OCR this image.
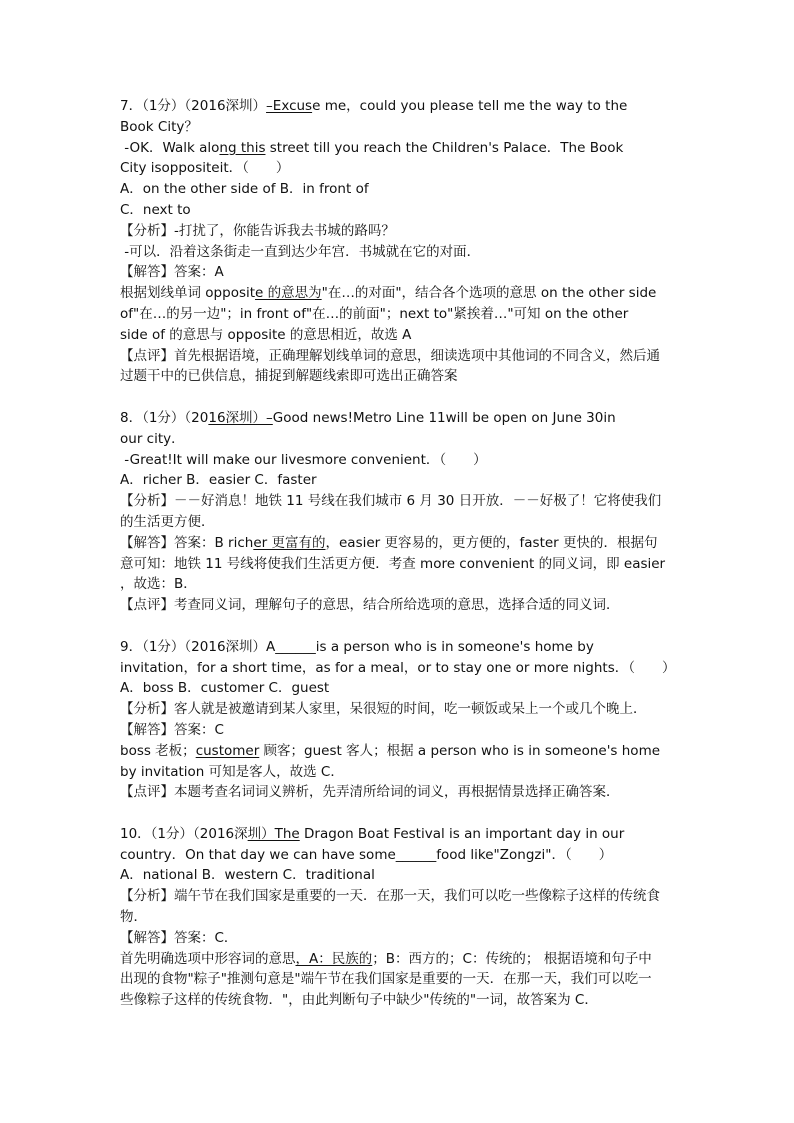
7．（1分）（2016深圳）–Excuse me，could you please tell me the way to the
Book City？
-OK．Walk along this street till you reach the Children's Palace．The Book
City isoppositeit．（　　）
A．on the other side of B．in front of
C．next to
【分析】-打扰了，你能告诉我去书城的路吗？
-可以．沿着这条街走一直到达少年宫．书城就在它的对面．
【解答】答案：A
根据划线单词 opposite 的意思为"在…的对面"，结合各个选项的意思 on the other side
of"在…的另一边"；in front of"在…的前面"；next to"紧挨着…"可知 on the other
side of 的意思与 opposite 的意思相近，故选 A
【点评】首先根据语境，正确理解划线单词的意思，细读选项中其他词的不同含义，然后通
过题干中的已供信息，捕捉到解题线索即可选出正确答案
8．（1分）（2016深圳）–Good news!Metro Line 11will be open on June 30in
our city．
-Great!It will make our livesmore convenient．（　　）
A．richer B．easier C．faster
【分析】－－好消息！地铁 11 号线在我们城市 6 月 30 日开放．－－好极了！它将使我们
的生活更方便．
【解答】答案：B richer 更富有的，easier 更容易的，更方便的，faster 更快的．根据句
意可知：地铁 11 号线将使我们生活更方便．考查 more convenient 的同义词，即 easier
，故选：B．
【点评】考查同义词，理解句子的意思，结合所给选项的意思，选择合适的同义词．
9．（1分）（2016深圳）A______is a person who is in someone's home by
invitation，for a short time，as for a meal，or to stay one or more nights．（　　）
A．boss B．customer C．guest
【分析】客人就是被邀请到某人家里，呆很短的时间，吃一顿饭或呆上一个或几个晚上．
【解答】答案：C
boss 老板；customer 顾客；guest 客人；根据 a person who is in someone's home
by invitation 可知是客人，故选 C．
【点评】本题考查名词词义辨析，先弄清所给词的词义，再根据情景选择正确答案．
10．（1分）（2016深圳）The Dragon Boat Festival is an important day in our
country．On that day we can have some______food like"Zongzi"．（　　）
A．national B．western C．traditional
【分析】端午节在我们国家是重要的一天．在那一天，我们可以吃一些像粽子这样的传统食
物．
【解答】答案：C．
首先明确选项中形容词的意思，A：民族的；B：西方的；C：传统的； 根据语境和句子中
出现的食物"粽子"推测句意是"端午节在我们国家是重要的一天．在那一天，我们可以吃一
些像粽子这样的传统食物．"，由此判断句子中缺少"传统的"一词，故答案为 C．
